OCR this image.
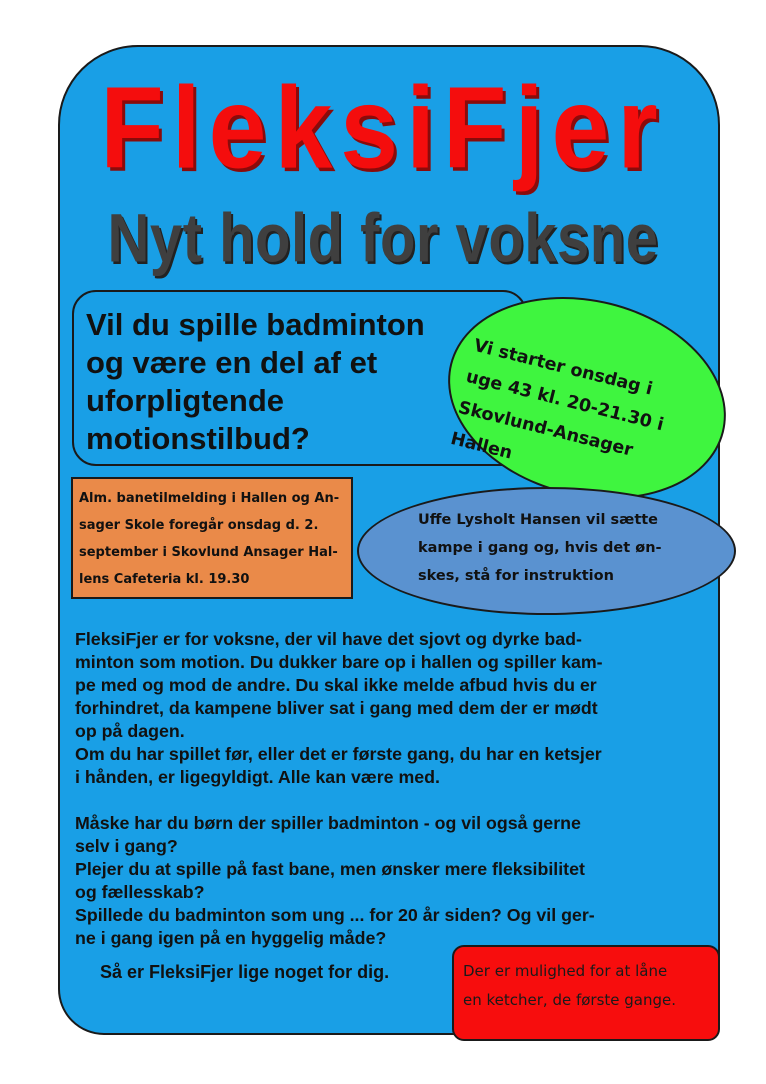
FleksiFjer
Nyt hold for voksne

Vil du spille badminton
og være en del af et
uforpligtende
motionstilbud?

Vi starter onsdag i
uge 43 kl. 20-21.30 i
Skovlund-Ansager
Hallen

Alm. banetilmelding i Hallen og An-
sager Skole foregår onsdag d. 2.
september i Skovlund Ansager Hal-
lens Cafeteria kl. 19.30

Uffe Lysholt Hansen vil sætte
kampe i gang og, hvis det øn-
skes, stå for instruktion

FleksiFjer er for voksne, der vil have det sjovt og dyrke bad-
minton som motion. Du dukker bare op i hallen og spiller kam-
pe med og mod de andre. Du skal ikke melde afbud hvis du er
forhindret, da kampene bliver sat i gang med dem der er mødt
op på dagen.
Om du har spillet før, eller det er første gang, du har en ketsjer
i hånden, er ligegyldigt. Alle kan være med.

Måske har du børn der spiller badminton - og vil også gerne
selv i gang?
Plejer du at spille på fast bane, men ønsker mere fleksibilitet
og fællesskab?
Spillede du badminton som ung ... for 20 år siden? Og vil ger-
ne i gang igen på en hyggelig måde?

Så er FleksiFjer lige noget for dig.	Der er mulighed for at låne
en ketcher, de første gange.
